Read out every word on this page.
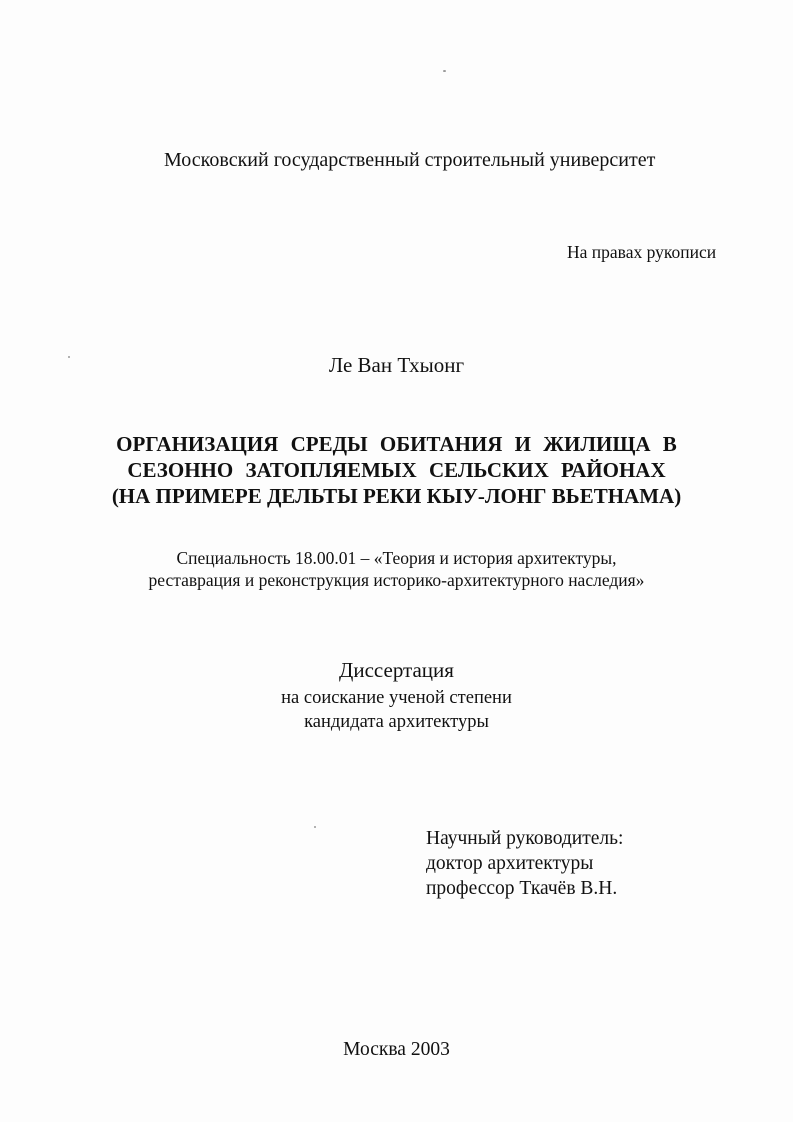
Московский государственный строительный университет
На правах рукописи
Ле Ван Тхыонг
ОРГАНИЗАЦИЯ СРЕДЫ ОБИТАНИЯ И ЖИЛИЩА В
СЕЗОННО ЗАТОПЛЯЕМЫХ СЕЛЬСКИХ РАЙОНАХ
(НА ПРИМЕРЕ ДЕЛЬТЫ РЕКИ КЫУ-ЛОНГ ВЬЕТНАМА)
Специальность 18.00.01 – «Теория и история архитектуры,
реставрация и реконструкция историко-архитектурного наследия»
Диссертация
на соискание ученой степени
кандидата архитектуры
Научный руководитель:
доктор архитектуры
профессор Ткачёв В.Н.
Москва 2003
